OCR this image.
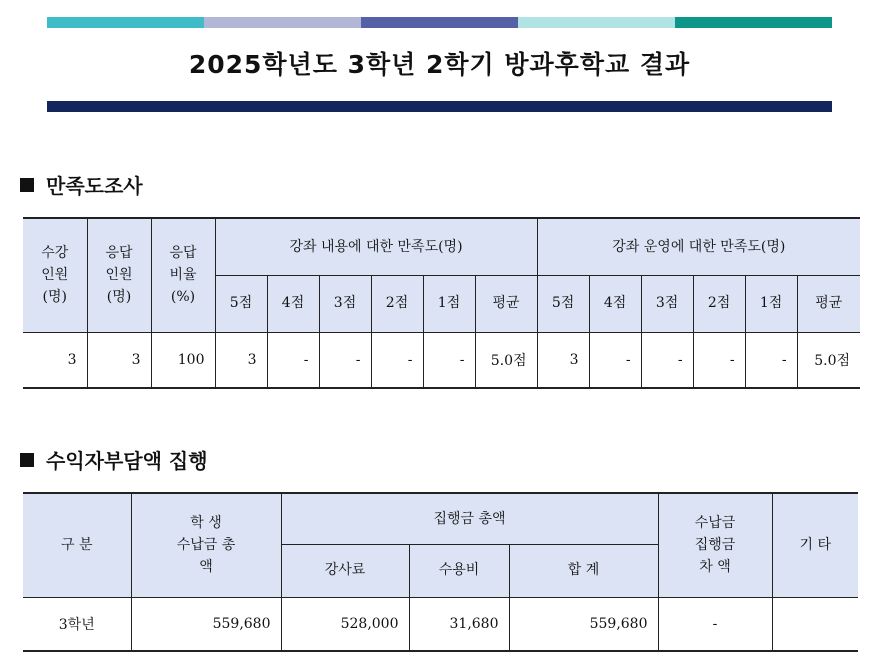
2025학년도 3학년 2학기 방과후학교 결과
만족도조사
수강 인원 (명)	응답 인원 (명)	응답 비율 (%)	강좌 내용에 대한 만족도(명)						강좌 운영에 대한 만족도(명)					
			5점	4점	3점	2점	1점	평균	5점	4점	3점	2점	1점	평균
3	3	100	3	-	-	-	-	5.0점	3	-	-	-	-	5.0점
수익자부담액 집행
구 분	학 생 수납금 총 액	집행금 총액			수납금 집행금 차 액	기 타
		강사료	수용비	합 계		
3학년	559,680	528,000	31,680	559,680	-	
